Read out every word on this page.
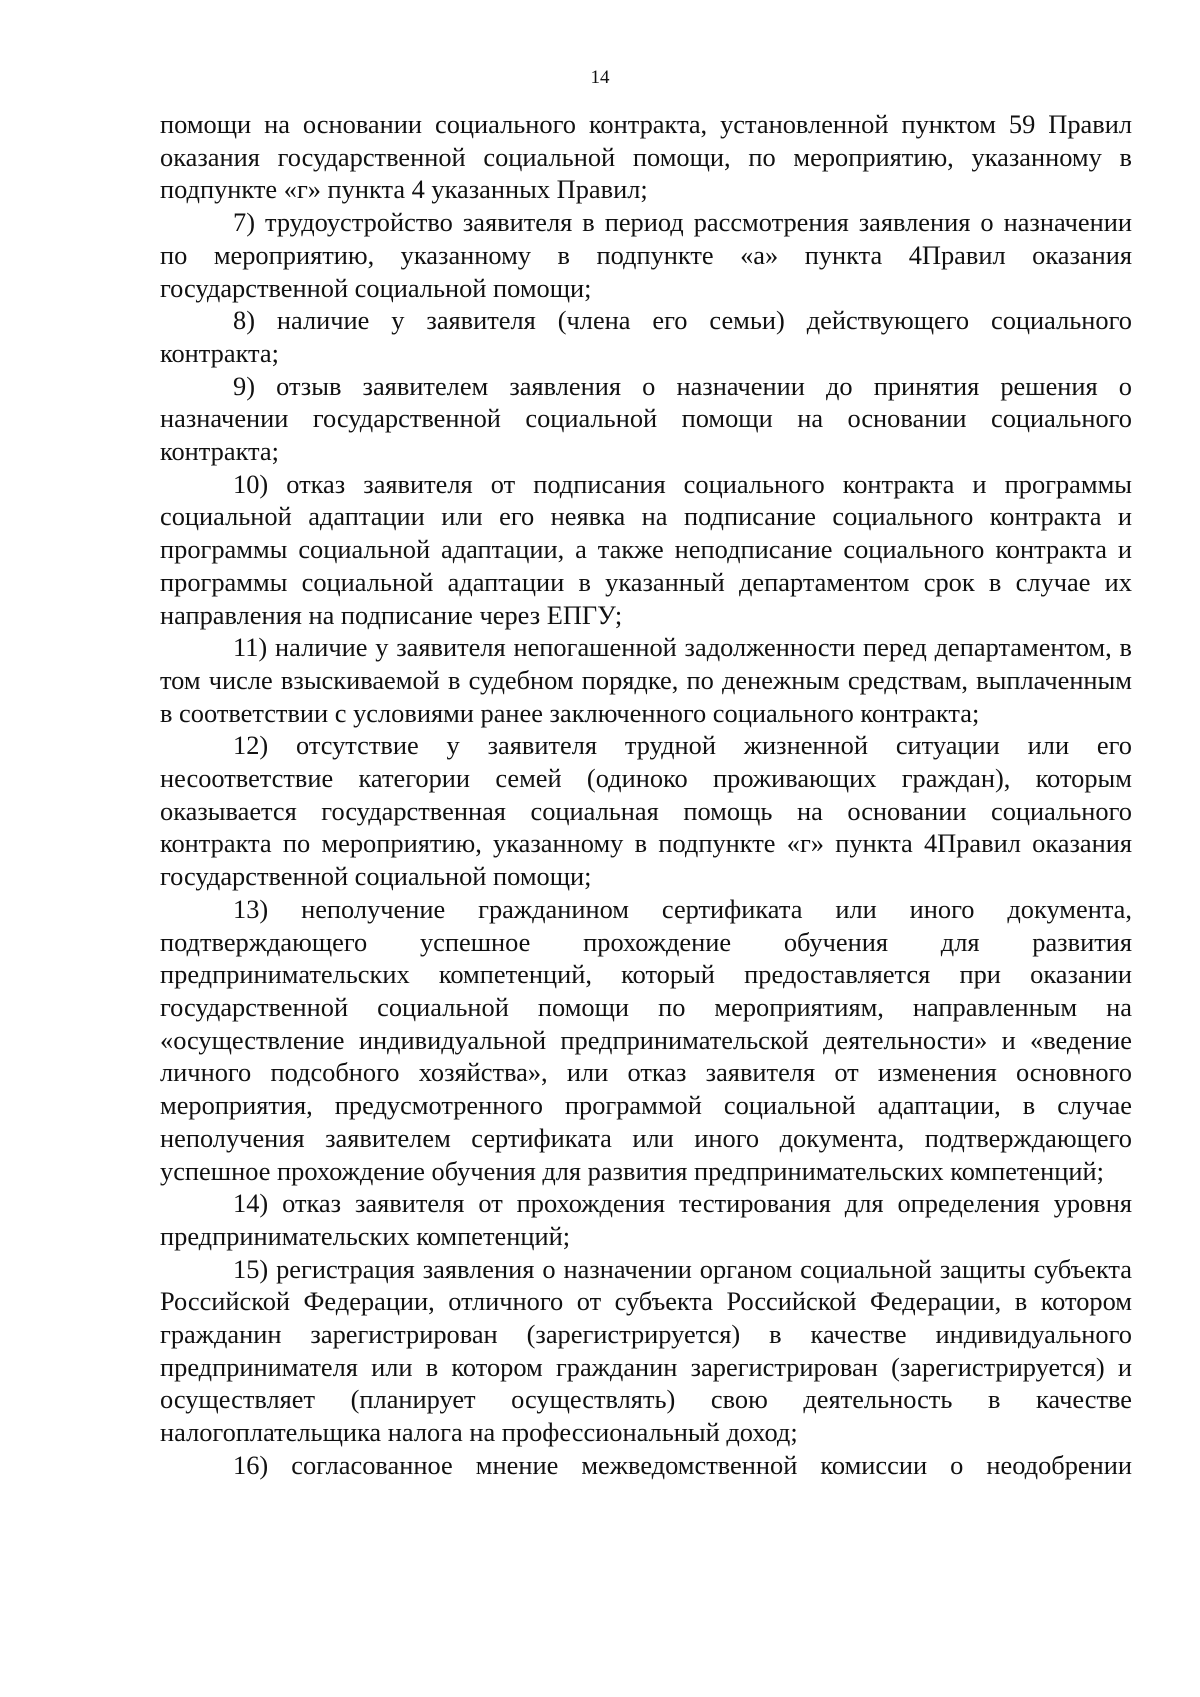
14

помощи на основании социального контракта, установленной пунктом 59 Правил оказания государственной социальной помощи, по мероприятию, указанному в подпункте «г» пункта 4 указанных Правил;

7) трудоустройство заявителя в период рассмотрения заявления о назначении по мероприятию, указанному в подпункте «а» пункта 4Правил оказания государственной социальной помощи;

8) наличие у заявителя (члена его семьи) действующего социального контракта;

9) отзыв заявителем заявления о назначении до принятия решения о назначении государственной социальной помощи на основании социального контракта;

10) отказ заявителя от подписания социального контракта и программы социальной адаптации или его неявка на подписание социального контракта и программы социальной адаптации, а также неподписание социального контракта и программы социальной адаптации в указанный департаментом срок в случае их направления на подписание через ЕПГУ;

11) наличие у заявителя непогашенной задолженности перед департаментом, в том числе взыскиваемой в судебном порядке, по денежным средствам, выплаченным в соответствии с условиями ранее заключенного социального контракта;

12) отсутствие у заявителя трудной жизненной ситуации или его несоответствие категории семей (одиноко проживающих граждан), которым оказывается государственная социальная помощь на основании социального контракта по мероприятию, указанному в подпункте «г» пункта 4Правил оказания государственной социальной помощи;

13) неполучение гражданином сертификата или иного документа, подтверждающего успешное прохождение обучения для развития предпринимательских компетенций, который предоставляется при оказании государственной социальной помощи по мероприятиям, направленным на «осуществление индивидуальной предпринимательской деятельности» и «ведение личного подсобного хозяйства», или отказ заявителя от изменения основного мероприятия, предусмотренного программой социальной адаптации, в случае неполучения заявителем сертификата или иного документа, подтверждающего успешное прохождение обучения для развития предпринимательских компетенций;

14) отказ заявителя от прохождения тестирования для определения уровня предпринимательских компетенций;

15) регистрация заявления о назначении органом социальной защиты субъекта Российской Федерации, отличного от субъекта Российской Федерации, в котором гражданин зарегистрирован (зарегистрируется) в качестве индивидуального предпринимателя или в котором гражданин зарегистрирован (зарегистрируется) и осуществляет (планирует осуществлять) свою деятельность в качестве налогоплательщика налога на профессиональный доход;

16) согласованное мнение межведомственной комиссии о неодобрении
